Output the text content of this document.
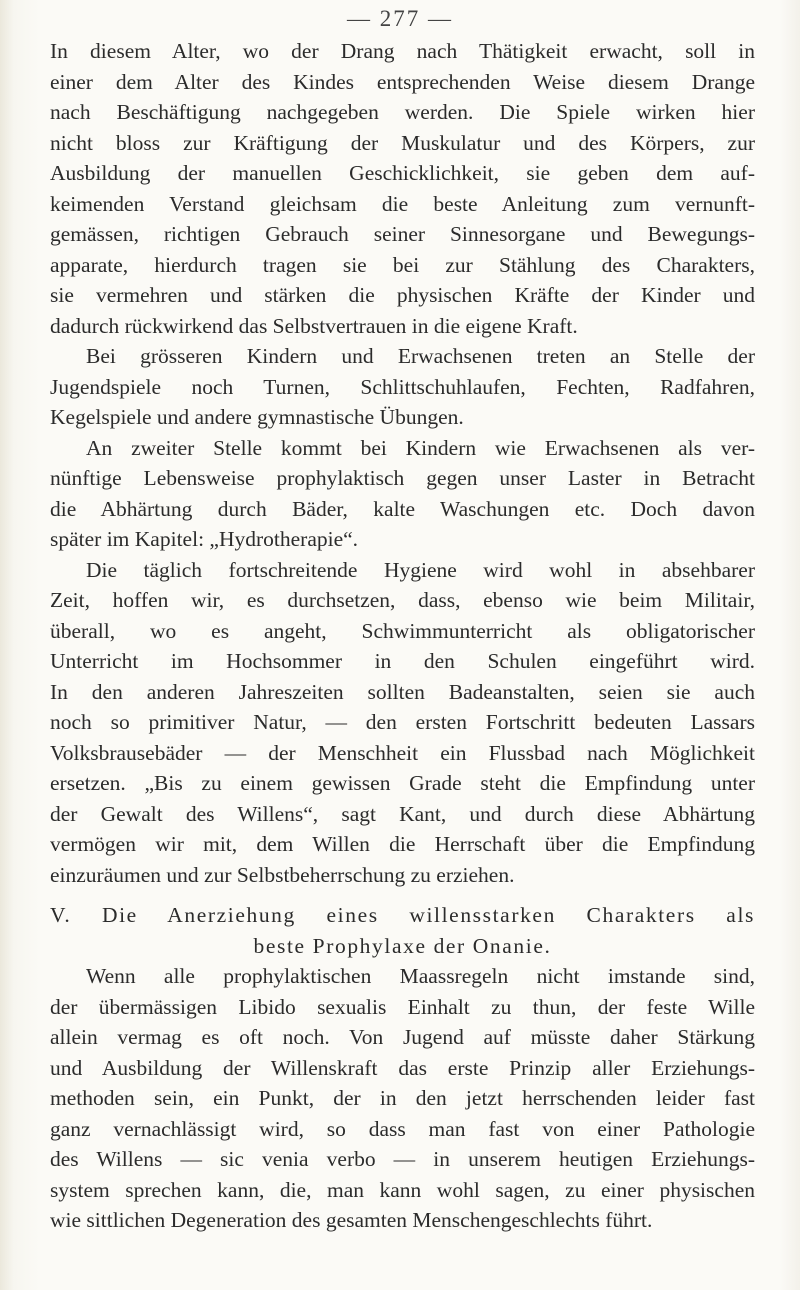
— 277 —
In diesem Alter, wo der Drang nach Thätigkeit erwacht, soll in
einer dem Alter des Kindes entsprechenden Weise diesem Drange
nach Beschäftigung nachgegeben werden. Die Spiele wirken hier
nicht bloss zur Kräftigung der Muskulatur und des Körpers, zur
Ausbildung der manuellen Geschicklichkeit, sie geben dem auf-
keimenden Verstand gleichsam die beste Anleitung zum vernunft-
gemässen, richtigen Gebrauch seiner Sinnesorgane und Bewegungs-
apparate, hierdurch tragen sie bei zur Stählung des Charakters,
sie vermehren und stärken die physischen Kräfte der Kinder und
dadurch rückwirkend das Selbstvertrauen in die eigene Kraft.
Bei grösseren Kindern und Erwachsenen treten an Stelle der
Jugendspiele noch Turnen, Schlittschuhlaufen, Fechten, Radfahren,
Kegelspiele und andere gymnastische Übungen.
An zweiter Stelle kommt bei Kindern wie Erwachsenen als ver-
nünftige Lebensweise prophylaktisch gegen unser Laster in Betracht
die Abhärtung durch Bäder, kalte Waschungen etc. Doch davon
später im Kapitel: „Hydrotherapie“.
Die täglich fortschreitende Hygiene wird wohl in absehbarer
Zeit, hoffen wir, es durchsetzen, dass, ebenso wie beim Militair,
überall, wo es angeht, Schwimmunterricht als obligatorischer
Unterricht im Hochsommer in den Schulen eingeführt wird.
In den anderen Jahreszeiten sollten Badeanstalten, seien sie auch
noch so primitiver Natur, — den ersten Fortschritt bedeuten Lassars
Volksbrausebäder — der Menschheit ein Flussbad nach Möglichkeit
ersetzen. „Bis zu einem gewissen Grade steht die Empfindung unter
der Gewalt des Willens“, sagt Kant, und durch diese Abhärtung
vermögen wir mit, dem Willen die Herrschaft über die Empfindung
einzuräumen und zur Selbstbeherrschung zu erziehen.
V. Die Anerziehung eines willensstarken Charakters als
beste Prophylaxe der Onanie.
Wenn alle prophylaktischen Maassregeln nicht imstande sind,
der übermässigen Libido sexualis Einhalt zu thun, der feste Wille
allein vermag es oft noch. Von Jugend auf müsste daher Stärkung
und Ausbildung der Willenskraft das erste Prinzip aller Erziehungs-
methoden sein, ein Punkt, der in den jetzt herrschenden leider fast
ganz vernachlässigt wird, so dass man fast von einer Pathologie
des Willens — sic venia verbo — in unserem heutigen Erziehungs-
system sprechen kann, die, man kann wohl sagen, zu einer physischen
wie sittlichen Degeneration des gesamten Menschengeschlechts führt.
